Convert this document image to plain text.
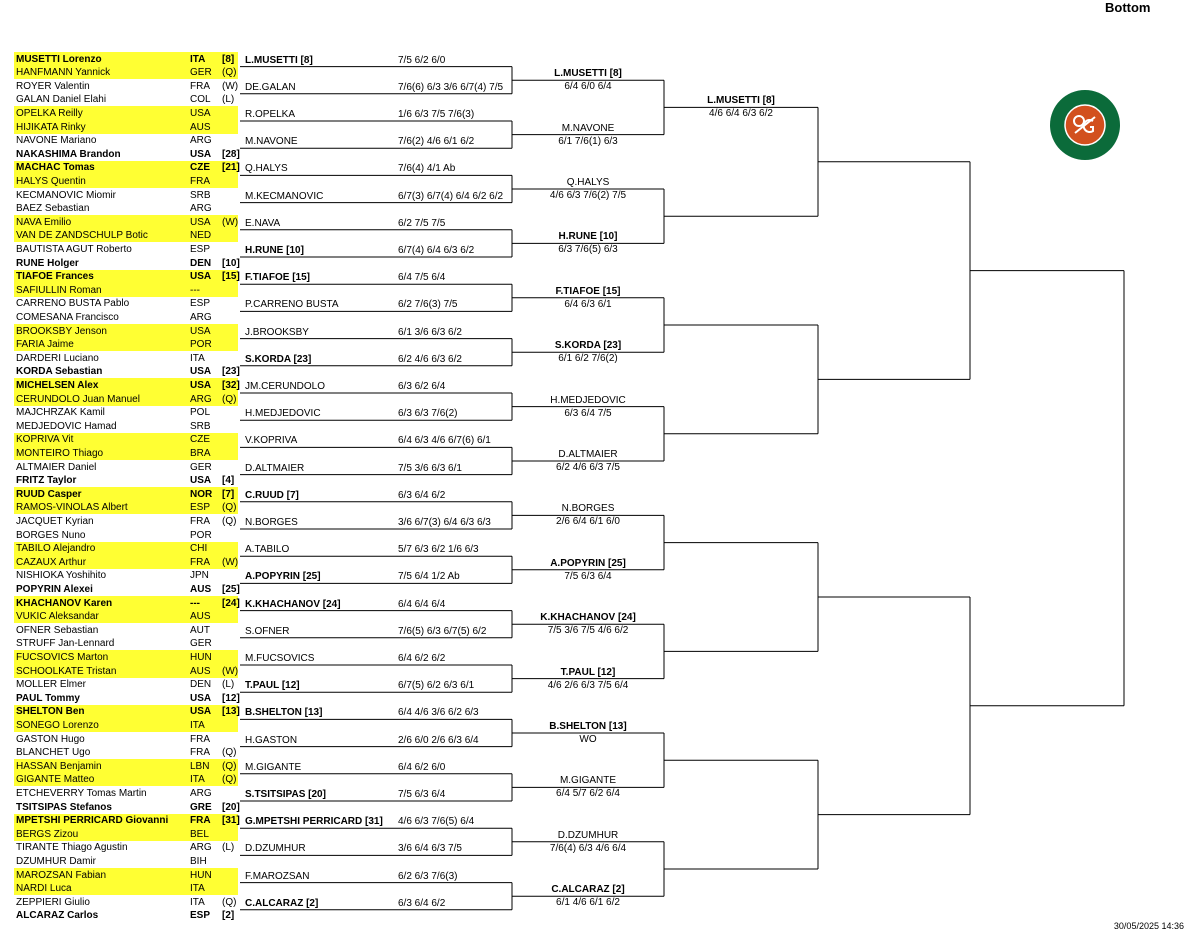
Bottom
MUSETTI Lorenzo	ITA [8]
HANFMANN Yannick	GER (Q)
ROYER Valentin	FRA (W)
GALAN Daniel Elahi	COL (L)
OPELKA Reilly	USA
HIJIKATA Rinky	AUS
NAVONE Mariano	ARG
NAKASHIMA Brandon	USA [28]
MACHAC Tomas	CZE [21]
HALYS Quentin	FRA
KECMANOVIC Miomir	SRB
BAEZ Sebastian	ARG
NAVA Emilio	USA (W)
VAN DE ZANDSCHULP Botic	NED
BAUTISTA AGUT Roberto	ESP
RUNE Holger	DEN [10]
TIAFOE Frances	USA [15]
SAFIULLIN Roman	---
CARRENO BUSTA Pablo	ESP
COMESANA Francisco	ARG
BROOKSBY Jenson	USA
FARIA Jaime	POR
DARDERI Luciano	ITA
KORDA Sebastian	USA [23]
MICHELSEN Alex	USA [32]
CERUNDOLO Juan Manuel	ARG (Q)
MAJCHRZAK Kamil	POL
MEDJEDOVIC Hamad	SRB
KOPRIVA Vit	CZE
MONTEIRO Thiago	BRA
ALTMAIER Daniel	GER
FRITZ Taylor	USA [4]
RUUD Casper	NOR [7]
RAMOS-VINOLAS Albert	ESP (Q)
JACQUET Kyrian	FRA (Q)
BORGES Nuno	POR
TABILO Alejandro	CHI
CAZAUX Arthur	FRA (W)
NISHIOKA Yoshihito	JPN
POPYRIN Alexei	AUS [25]
KHACHANOV Karen	--- [24]
VUKIC Aleksandar	AUS
OFNER Sebastian	AUT
STRUFF Jan-Lennard	GER
FUCSOVICS Marton	HUN
SCHOOLKATE Tristan	AUS (W)
MOLLER Elmer	DEN (L)
PAUL Tommy	USA [12]
SHELTON Ben	USA [13]
SONEGO Lorenzo	ITA
GASTON Hugo	FRA
BLANCHET Ugo	FRA (Q)
HASSAN Benjamin	LBN (Q)
GIGANTE Matteo	ITA (Q)
ETCHEVERRY Tomas Martin	ARG
TSITSIPAS Stefanos	GRE [20]
MPETSHI PERRICARD Giovanni FRA [31]
BERGS Zizou	BEL
TIRANTE Thiago Agustin	ARG (L)
DZUMHUR Damir	BIH
MAROZSAN Fabian	HUN
NARDI Luca	ITA
ZEPPIERI Giulio	ITA (Q)
ALCARAZ Carlos	ESP [2]
L.MUSETTI [8]	7/5 6/2 6/0
DE.GALAN	7/6(6) 6/3 3/6 6/7(4) 7/5
R.OPELKA	1/6 6/3 7/5 7/6(3)
M.NAVONE	7/6(2) 4/6 6/1 6/2
Q.HALYS	7/6(4) 4/1 Ab
M.KECMANOVIC	6/7(3) 6/7(4) 6/4 6/2 6/2
E.NAVA	6/2 7/5 7/5
H.RUNE [10]	6/7(4) 6/4 6/3 6/2
F.TIAFOE [15]	6/4 7/5 6/4
P.CARRENO BUSTA	6/2 7/6(3) 7/5
J.BROOKSBY	6/1 3/6 6/3 6/2
S.KORDA [23]	6/2 4/6 6/3 6/2
JM.CERUNDOLO	6/3 6/2 6/4
H.MEDJEDOVIC	6/3 6/3 7/6(2)
V.KOPRIVA	6/4 6/3 4/6 6/7(6) 6/1
D.ALTMAIER	7/5 3/6 6/3 6/1
C.RUUD [7]	6/3 6/4 6/2
N.BORGES	3/6 6/7(3) 6/4 6/3 6/3
A.TABILO	5/7 6/3 6/2 1/6 6/3
A.POPYRIN [25]	7/5 6/4 1/2 Ab
K.KHACHANOV [24]	6/4 6/4 6/4
S.OFNER	7/6(5) 6/3 6/7(5) 6/2
M.FUCSOVICS	6/4 6/2 6/2
T.PAUL [12]	6/7(5) 6/2 6/3 6/1
B.SHELTON [13]	6/4 4/6 3/6 6/2 6/3
H.GASTON	2/6 6/0 2/6 6/3 6/4
M.GIGANTE	6/4 6/2 6/0
S.TSITSIPAS [20]	7/5 6/3 6/4
G.MPETSHI PERRICARD [31] 4/6 6/3 7/6(5) 6/4
D.DZUMHUR	3/6 6/4 6/3 7/5
F.MAROZSAN	6/2 6/3 7/6(3)
C.ALCARAZ [2]	6/3 6/4 6/2
L.MUSETTI [8]
6/4 6/0 6/4
M.NAVONE
6/1 7/6(1) 6/3
Q.HALYS
4/6 6/3 7/6(2) 7/5
H.RUNE [10]
6/3 7/6(5) 6/3
F.TIAFOE [15]
6/4 6/3 6/1
S.KORDA [23]
6/1 6/2 7/6(2)
H.MEDJEDOVIC
6/3 6/4 7/5
D.ALTMAIER
6/2 4/6 6/3 7/5
N.BORGES
2/6 6/4 6/1 6/0
A.POPYRIN [25]
7/5 6/3 6/4
K.KHACHANOV [24]
7/5 3/6 7/5 4/6 6/2
T.PAUL [12]
4/6 2/6 6/3 7/5 6/4
B.SHELTON [13]
WO
M.GIGANTE
6/4 5/7 6/2 6/4
D.DZUMHUR
7/6(4) 6/3 4/6 6/4
C.ALCARAZ [2]
6/1 4/6 6/1 6/2
L.MUSETTI [8]
4/6 6/4 6/3 6/2
30/05/2025 14:36
